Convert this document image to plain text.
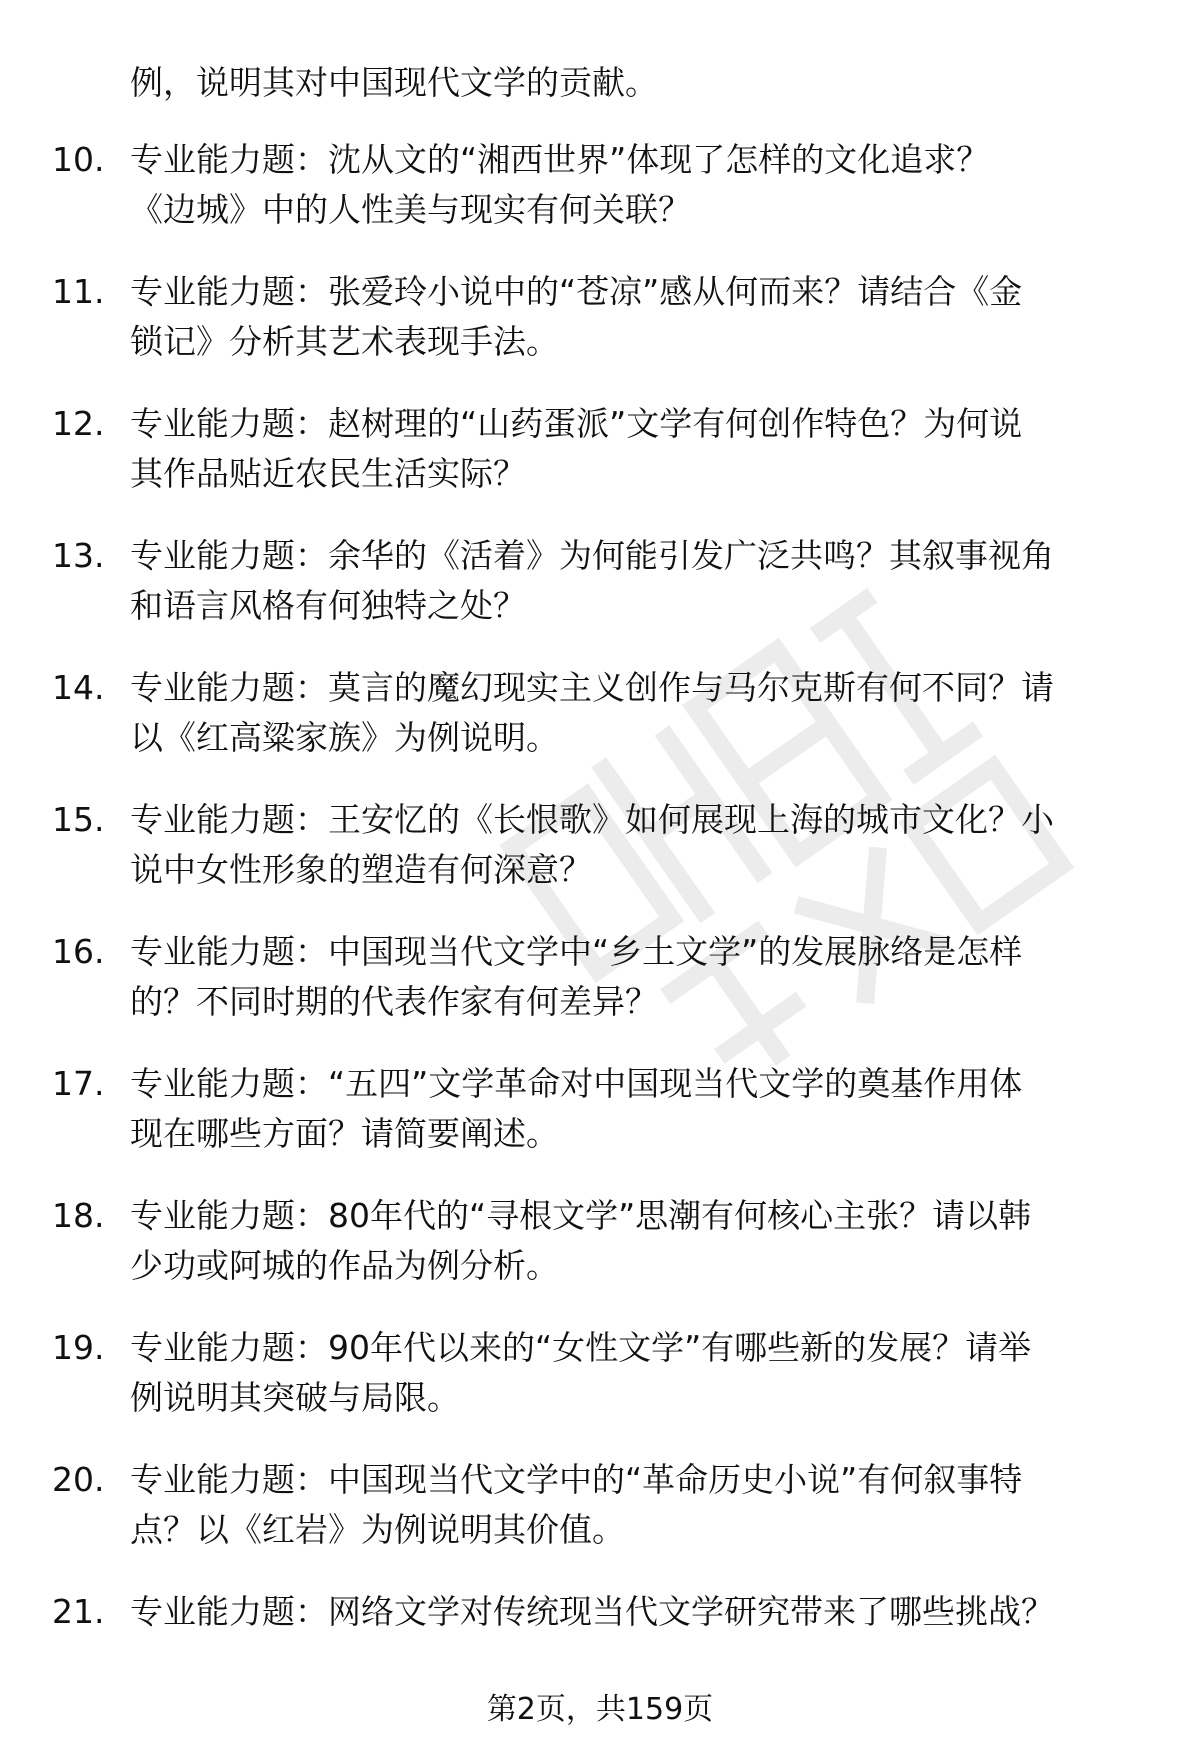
例，说明其对中国现代文学的贡献。
10. 专业能力题：沈从文的“湘西世界”体现了怎样的文化追求？
《边城》中的人性美与现实有何关联？
11. 专业能力题：张爱玲小说中的“苍凉”感从何而来？请结合《金
锁记》分析其艺术表现手法。
12. 专业能力题：赵树理的“山药蛋派”文学有何创作特色？为何说
其作品贴近农民生活实际？
13. 专业能力题：余华的《活着》为何能引发广泛共鸣？其叙事视角
和语言风格有何独特之处？
14. 专业能力题：莫言的魔幻现实主义创作与马尔克斯有何不同？请
以《红高粱家族》为例说明。
15. 专业能力题：王安忆的《长恨歌》如何展现上海的城市文化？小
说中女性形象的塑造有何深意？
16. 专业能力题：中国现当代文学中“乡土文学”的发展脉络是怎样
的？不同时期的代表作家有何差异？
17. 专业能力题：“五四”文学革命对中国现当代文学的奠基作用体
现在哪些方面？请简要阐述。
18. 专业能力题：80年代的“寻根文学”思潮有何核心主张？请以韩
少功或阿城的作品为例分析。
19. 专业能力题：90年代以来的“女性文学”有哪些新的发展？请举
例说明其突破与局限。
20. 专业能力题：中国现当代文学中的“革命历史小说”有何叙事特
点？以《红岩》为例说明其价值。
21. 专业能力题：网络文学对传统现当代文学研究带来了哪些挑战？
第2页，共159页
